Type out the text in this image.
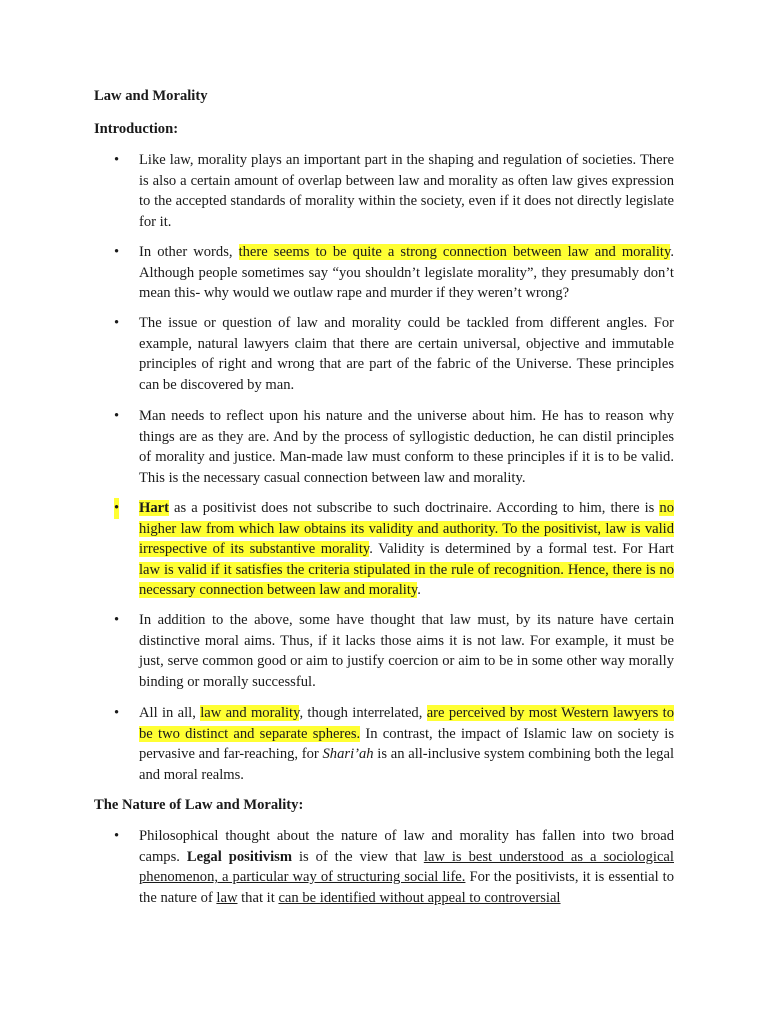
Law and Morality
Introduction:
• Like law, morality plays an important part in the shaping and regulation of societies. There is also a certain amount of overlap between law and morality as often law gives expression to the accepted standards of morality within the society, even if it does not directly legislate for it.

• In other words, there seems to be quite a strong connection between law and morality. Although people sometimes say “you shouldn’t legislate morality”, they presumably don’t mean this- why would we outlaw rape and murder if they weren’t wrong?

• The issue or question of law and morality could be tackled from different angles. For example, natural lawyers claim that there are certain universal, objective and immutable principles of right and wrong that are part of the fabric of the Universe. These principles can be discovered by man.

• Man needs to reflect upon his nature and the universe about him. He has to reason why things are as they are. And by the process of syllogistic deduction, he can distil principles of morality and justice. Man-made law must conform to these principles if it is to be valid. This is the necessary casual connection between law and morality.

• Hart as a positivist does not subscribe to such doctrinaire. According to him, there is no higher law from which law obtains its validity and authority. To the positivist, law is valid irrespective of its substantive morality. Validity is determined by a formal test. For Hart law is valid if it satisfies the criteria stipulated in the rule of recognition. Hence, there is no necessary connection between law and morality.

• In addition to the above, some have thought that law must, by its nature have certain distinctive moral aims. Thus, if it lacks those aims it is not law. For example, it must be just, serve common good or aim to justify coercion or aim to be in some other way morally binding or morally successful.

• All in all, law and morality, though interrelated, are perceived by most Western lawyers to be two distinct and separate spheres. In contrast, the impact of Islamic law on society is pervasive and far-reaching, for Shari’ah is an all-inclusive system combining both the legal and moral realms.

The Nature of Law and Morality:
• Philosophical thought about the nature of law and morality has fallen into two broad camps. Legal positivism is of the view that law is best understood as a sociological phenomenon, a particular way of structuring social life. For the positivists, it is essential to the nature of law that it can be identified without appeal to controversial
